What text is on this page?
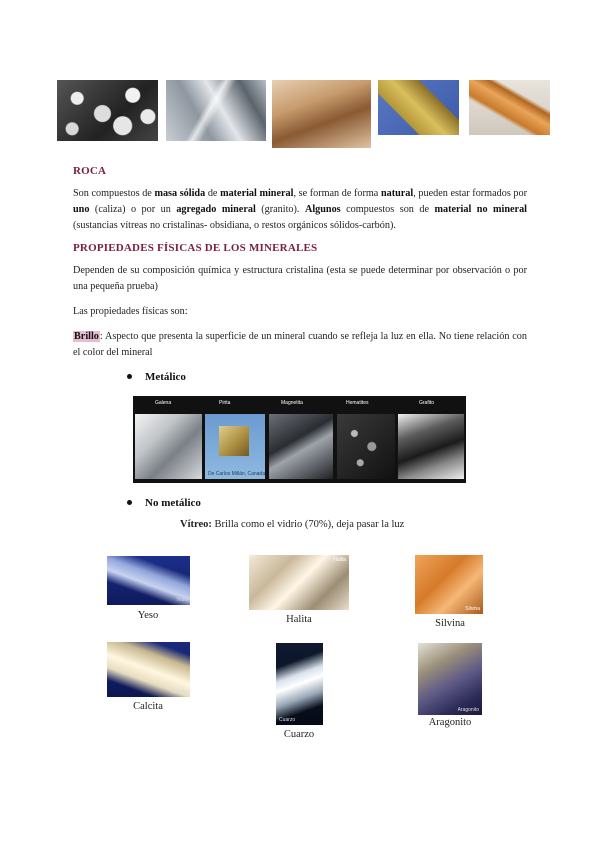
ROCA
Son compuestos de masa sólida de material mineral, se forman de forma natural, pueden estar formados por uno (caliza) o por un agregado mineral (granito). Algunos compuestos son de material no mineral (sustancias vítreas no cristalinas- obsidiana, o restos orgánicos sólidos-carbón).
PROPIEDADES FÍSICAS DE LOS MINERALES
Dependen de su composición química y estructura cristalina (esta se puede determinar por observación o por una pequeña prueba)
Las propiedades físicas son:
Brillo: Aspecto que presenta la superficie de un mineral cuando se refleja la luz en ella. No tiene relación con el color del mineral
Metálico
Galena	Pirita	Magnetita	Hematites	Grafito
De Carlos Millán, Canada
No metálico
Vítreo: Brilla como el vidrio (70%), deja pasar la luz
Yeso
Yeso
Halita
Halita
Silvina
Silvina
Calcita
Calcita
Cuarzo
Cuarzo
Aragonito
Aragonito
